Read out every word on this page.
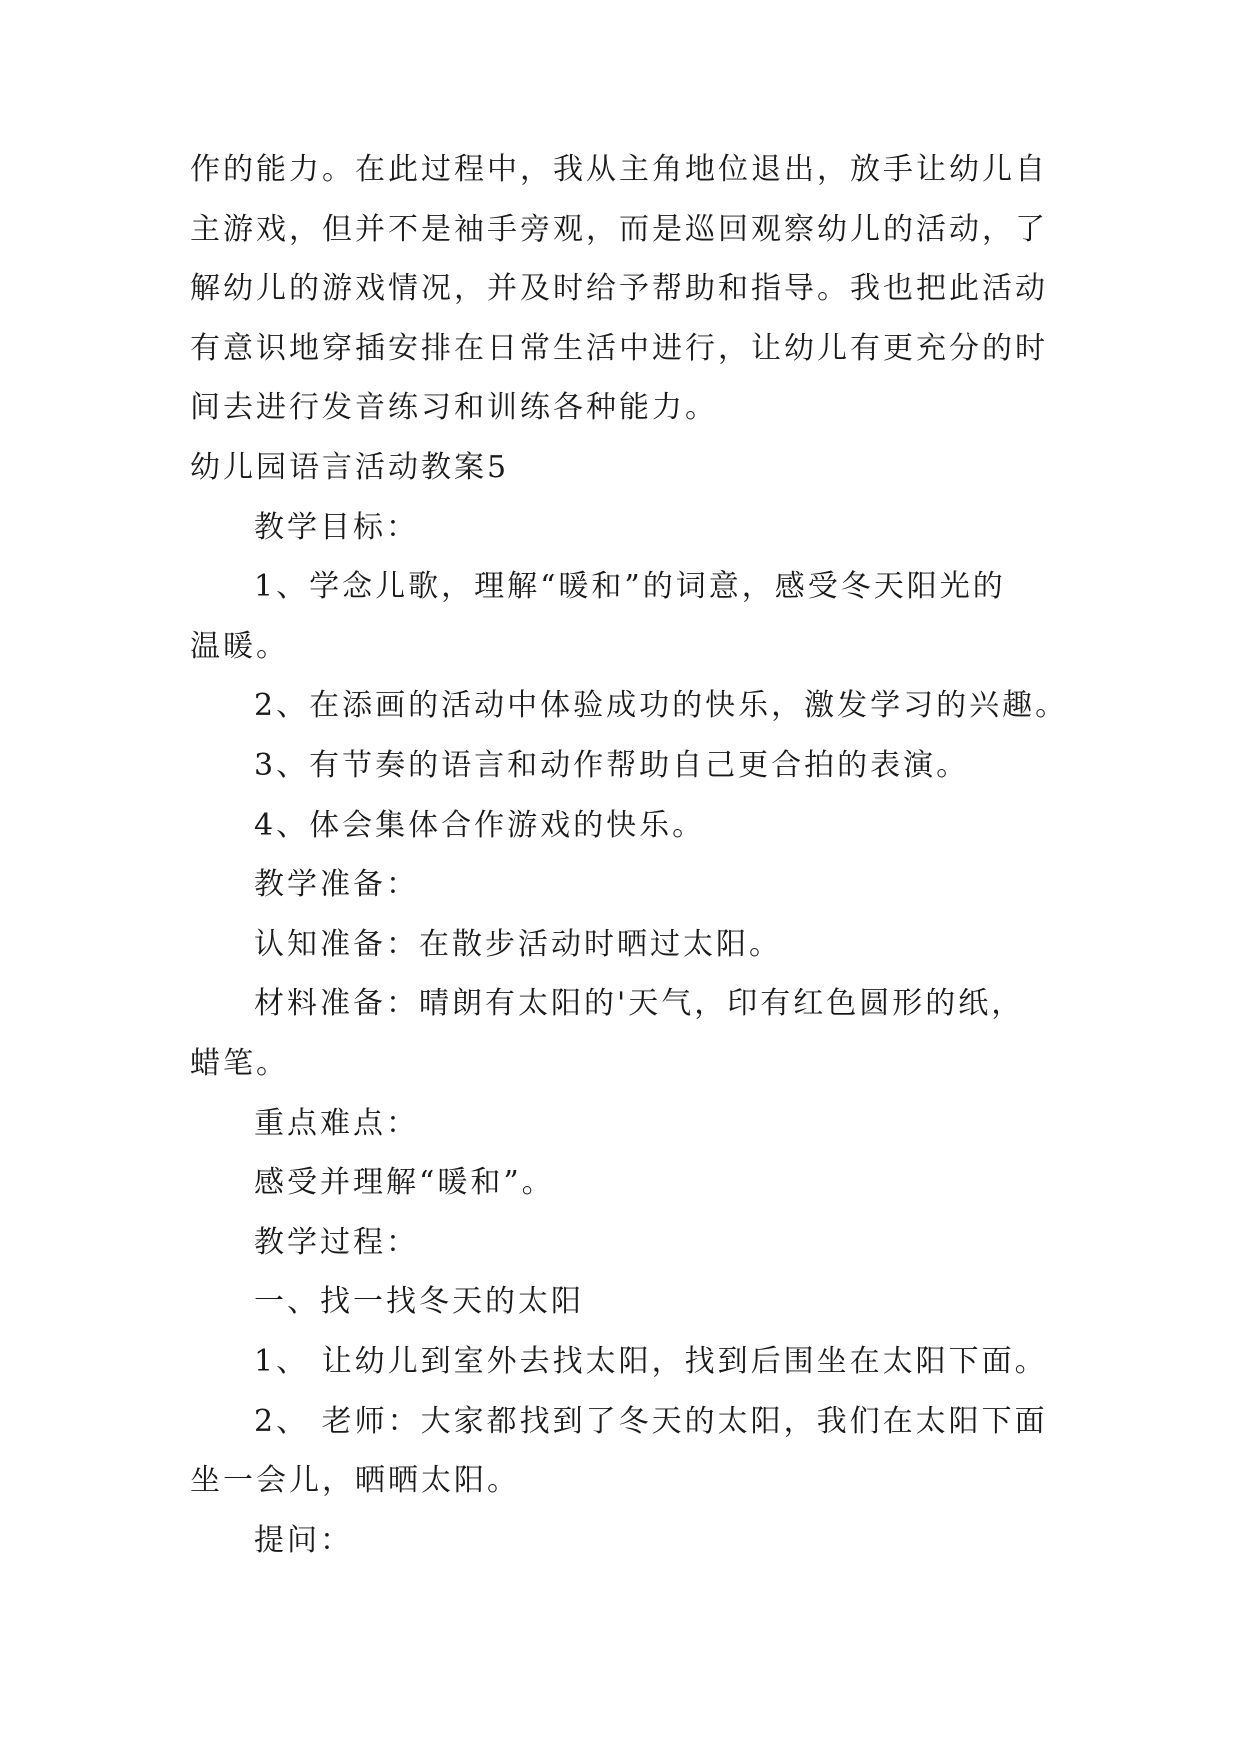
作的能力。在此过程中，我从主角地位退出，放手让幼儿自
主游戏，但并不是袖手旁观，而是巡回观察幼儿的活动，了
解幼儿的游戏情况，并及时给予帮助和指导。我也把此活动
有意识地穿插安排在日常生活中进行，让幼儿有更充分的时
间去进行发音练习和训练各种能力。
幼儿园语言活动教案5
教学目标：
1、学念儿歌，理解“暖和”的词意，感受冬天阳光的
温暖。
2、在添画的活动中体验成功的快乐，激发学习的兴趣。
3、有节奏的语言和动作帮助自己更合拍的表演。
4、体会集体合作游戏的快乐。
教学准备：
认知准备：在散步活动时晒过太阳。
材料准备：晴朗有太阳的'天气，印有红色圆形的纸，
蜡笔。
重点难点：
感受并理解“暖和”。
教学过程：
一、找一找冬天的太阳
1、 让幼儿到室外去找太阳，找到后围坐在太阳下面。
2、 老师：大家都找到了冬天的太阳，我们在太阳下面
坐一会儿，晒晒太阳。
提问：
